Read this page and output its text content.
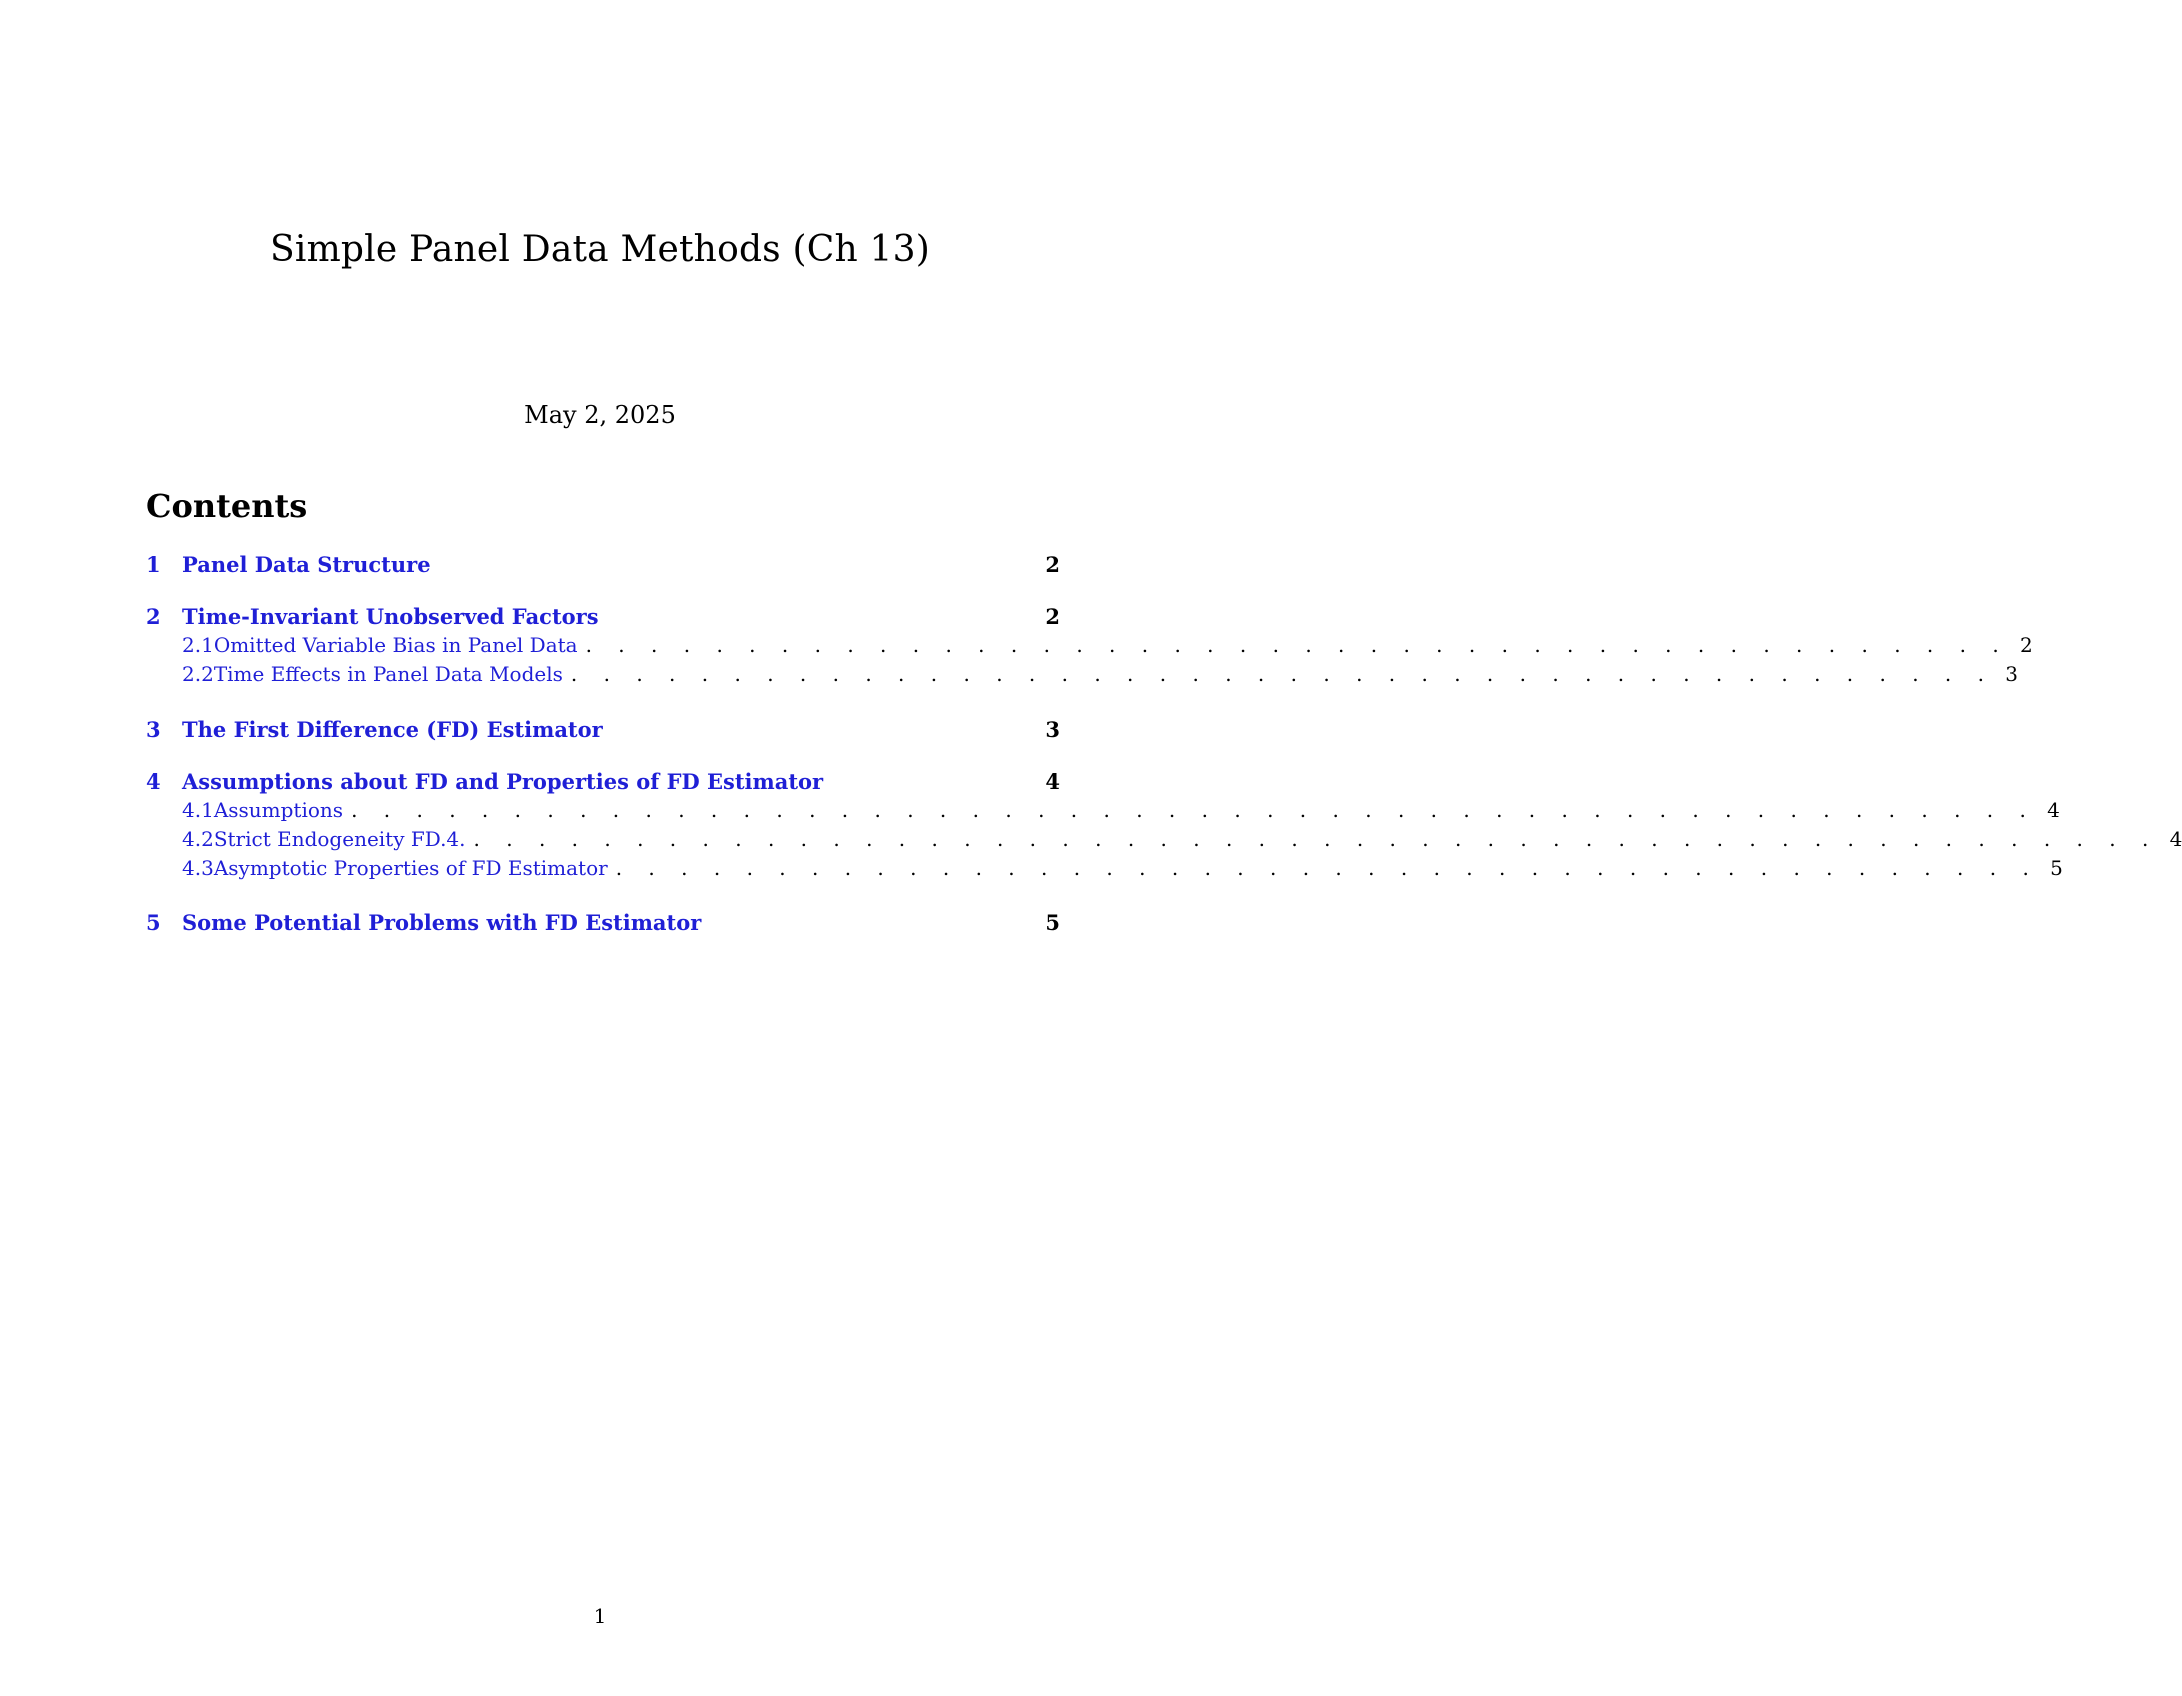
Simple Panel Data Methods (Ch 13)
May 2, 2025
Contents
1	Panel Data Structure	2
2	Time-Invariant Unobserved Factors	2
2.1 Omitted Variable Bias in Panel Data . . . . . . . . . . . . . . . . . . . . . . . . . . . . . . . . . . . . . . . . . . . . 2
2.2 Time Effects in Panel Data Models . . . . . . . . . . . . . . . . . . . . . . . . . . . . . . . . . . . . . . . . . . . . 3
3	The First Difference (FD) Estimator	3
4	Assumptions about FD and Properties of FD Estimator	4
4.1 Assumptions . . . . . . . . . . . . . . . . . . . . . . . . . . . . . . . . . . . . . . . . . . . . . . . . . . . . 4
4.2 Strict Endogeneity FD.4. . . . . . . . . . . . . . . . . . . . . . . . . . . . . . . . . . . . . . . . . . . . . . . . . . . . . 4
4.3 Asymptotic Properties of FD Estimator . . . . . . . . . . . . . . . . . . . . . . . . . . . . . . . . . . . . . . . . . . . . 5
5	Some Potential Problems with FD Estimator	5
1
